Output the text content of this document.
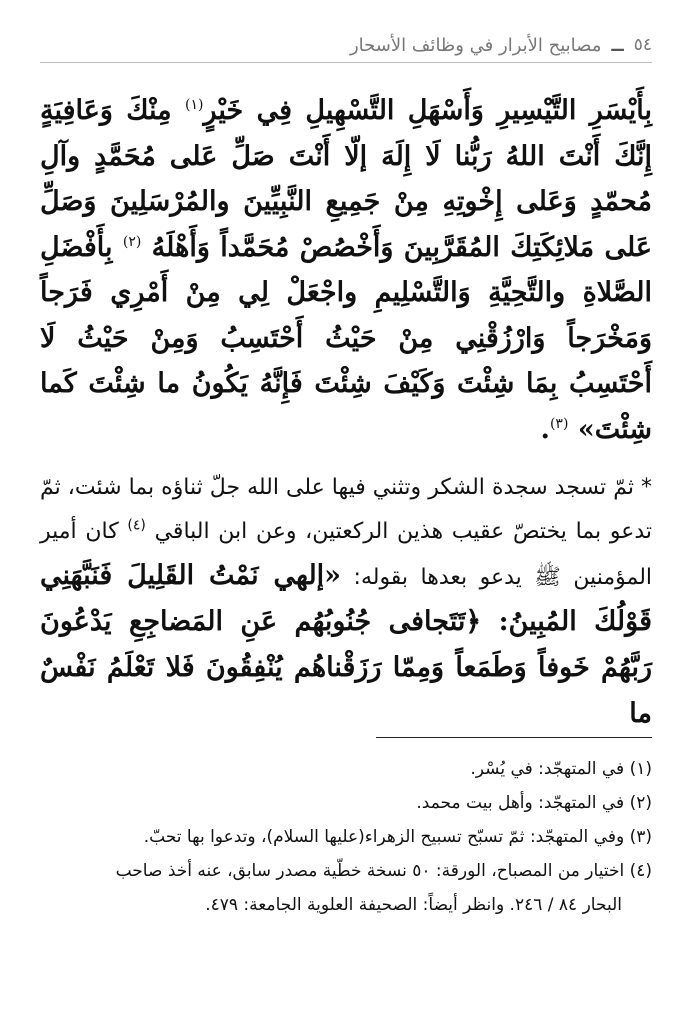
٥٤
ــ
مصابيح الأبرار في وظائف الأسحار

بِأَيْسَرِ التَّيْسِيرِ وَأَسْهَلِ التَّسْهِيلِ فِي خَيْرٍ$^{(١)}$ مِنْكَ وَعَافِيَةٍ إِنَّكَ أَنْتَ اللهُ رَبُّنا لَا إِلَهَ إلّا أَنْتَ صَلِّ عَلى مُحَمَّدٍ وآلِ مُحمّدٍ وَعَلى إِخْوتِهِ مِنْ جَمِيعِ النَّبِيِّينَ والمُرْسَلِينَ وَصَلِّ عَلى مَلائِكَتِكَ المُقَرَّبِينَ وَأَخْصُصْ مُحَمَّداً وَأَهْلَهُ $^{(٢)}$ بِأَفْضَلِ الصَّلاةِ والتَّحِيَّةِ وَالتَّسْلِيمِ واجْعَلْ لِي مِنْ أَمْرِي فَرَجاً وَمَخْرَجاً وَارْزُقْنِي مِنْ حَيْثُ أَحْتَسِبُ وَمِنْ حَيْثُ لَا أَحْتَسِبُ بِمَا شِئْتَ وَكَيْفَ شِئْتَ فَإِنَّهُ يَكُونُ ما شِئْتَ كَما شِئْتَ» $^{(٣)}$.

* ثمّ تسجد سجدة الشكر وتثني فيها على الله جلّ ثناؤه بما شئت، ثمّ تدعو بما يختصّ عقيب هذين الركعتين، وعن ابن الباقي $^{(٤)}$ كان أمير المؤمنين ﷺ يدعو بعدها بقوله: «إلهي نَمْتُ القَلِيلَ فَنَبَّهَنِي قَوْلُكَ المُبِينُ: ﴿تَتَجافى جُنُوبُهُم عَنِ المَضاجِعِ يَدْعُونَ رَبَّهُمْ خَوفاً وَطَمَعاً وَمِمّا رَزَقْناهُم يُنْفِقُونَ فَلا تَعْلَمُ نَفْسٌ ما

(١) في المتهجّد: في يُسْر.

(٢) في المتهجّد: وأهل بيت محمد.

(٣) وفي المتهجّد: ثمّ تسبّح تسبيح الزهراء(عليها السلام)، وتدعوا بها تحبّ.

(٤) اختيار من المصباح، الورقة: ٥٠ نسخة خطّية مصدر سابق، عنه أخذ صاحب

البحار ٨٤ / ٢٤٦. وانظر أيضاً: الصحيفة العلوية الجامعة: ٤٧٩.
